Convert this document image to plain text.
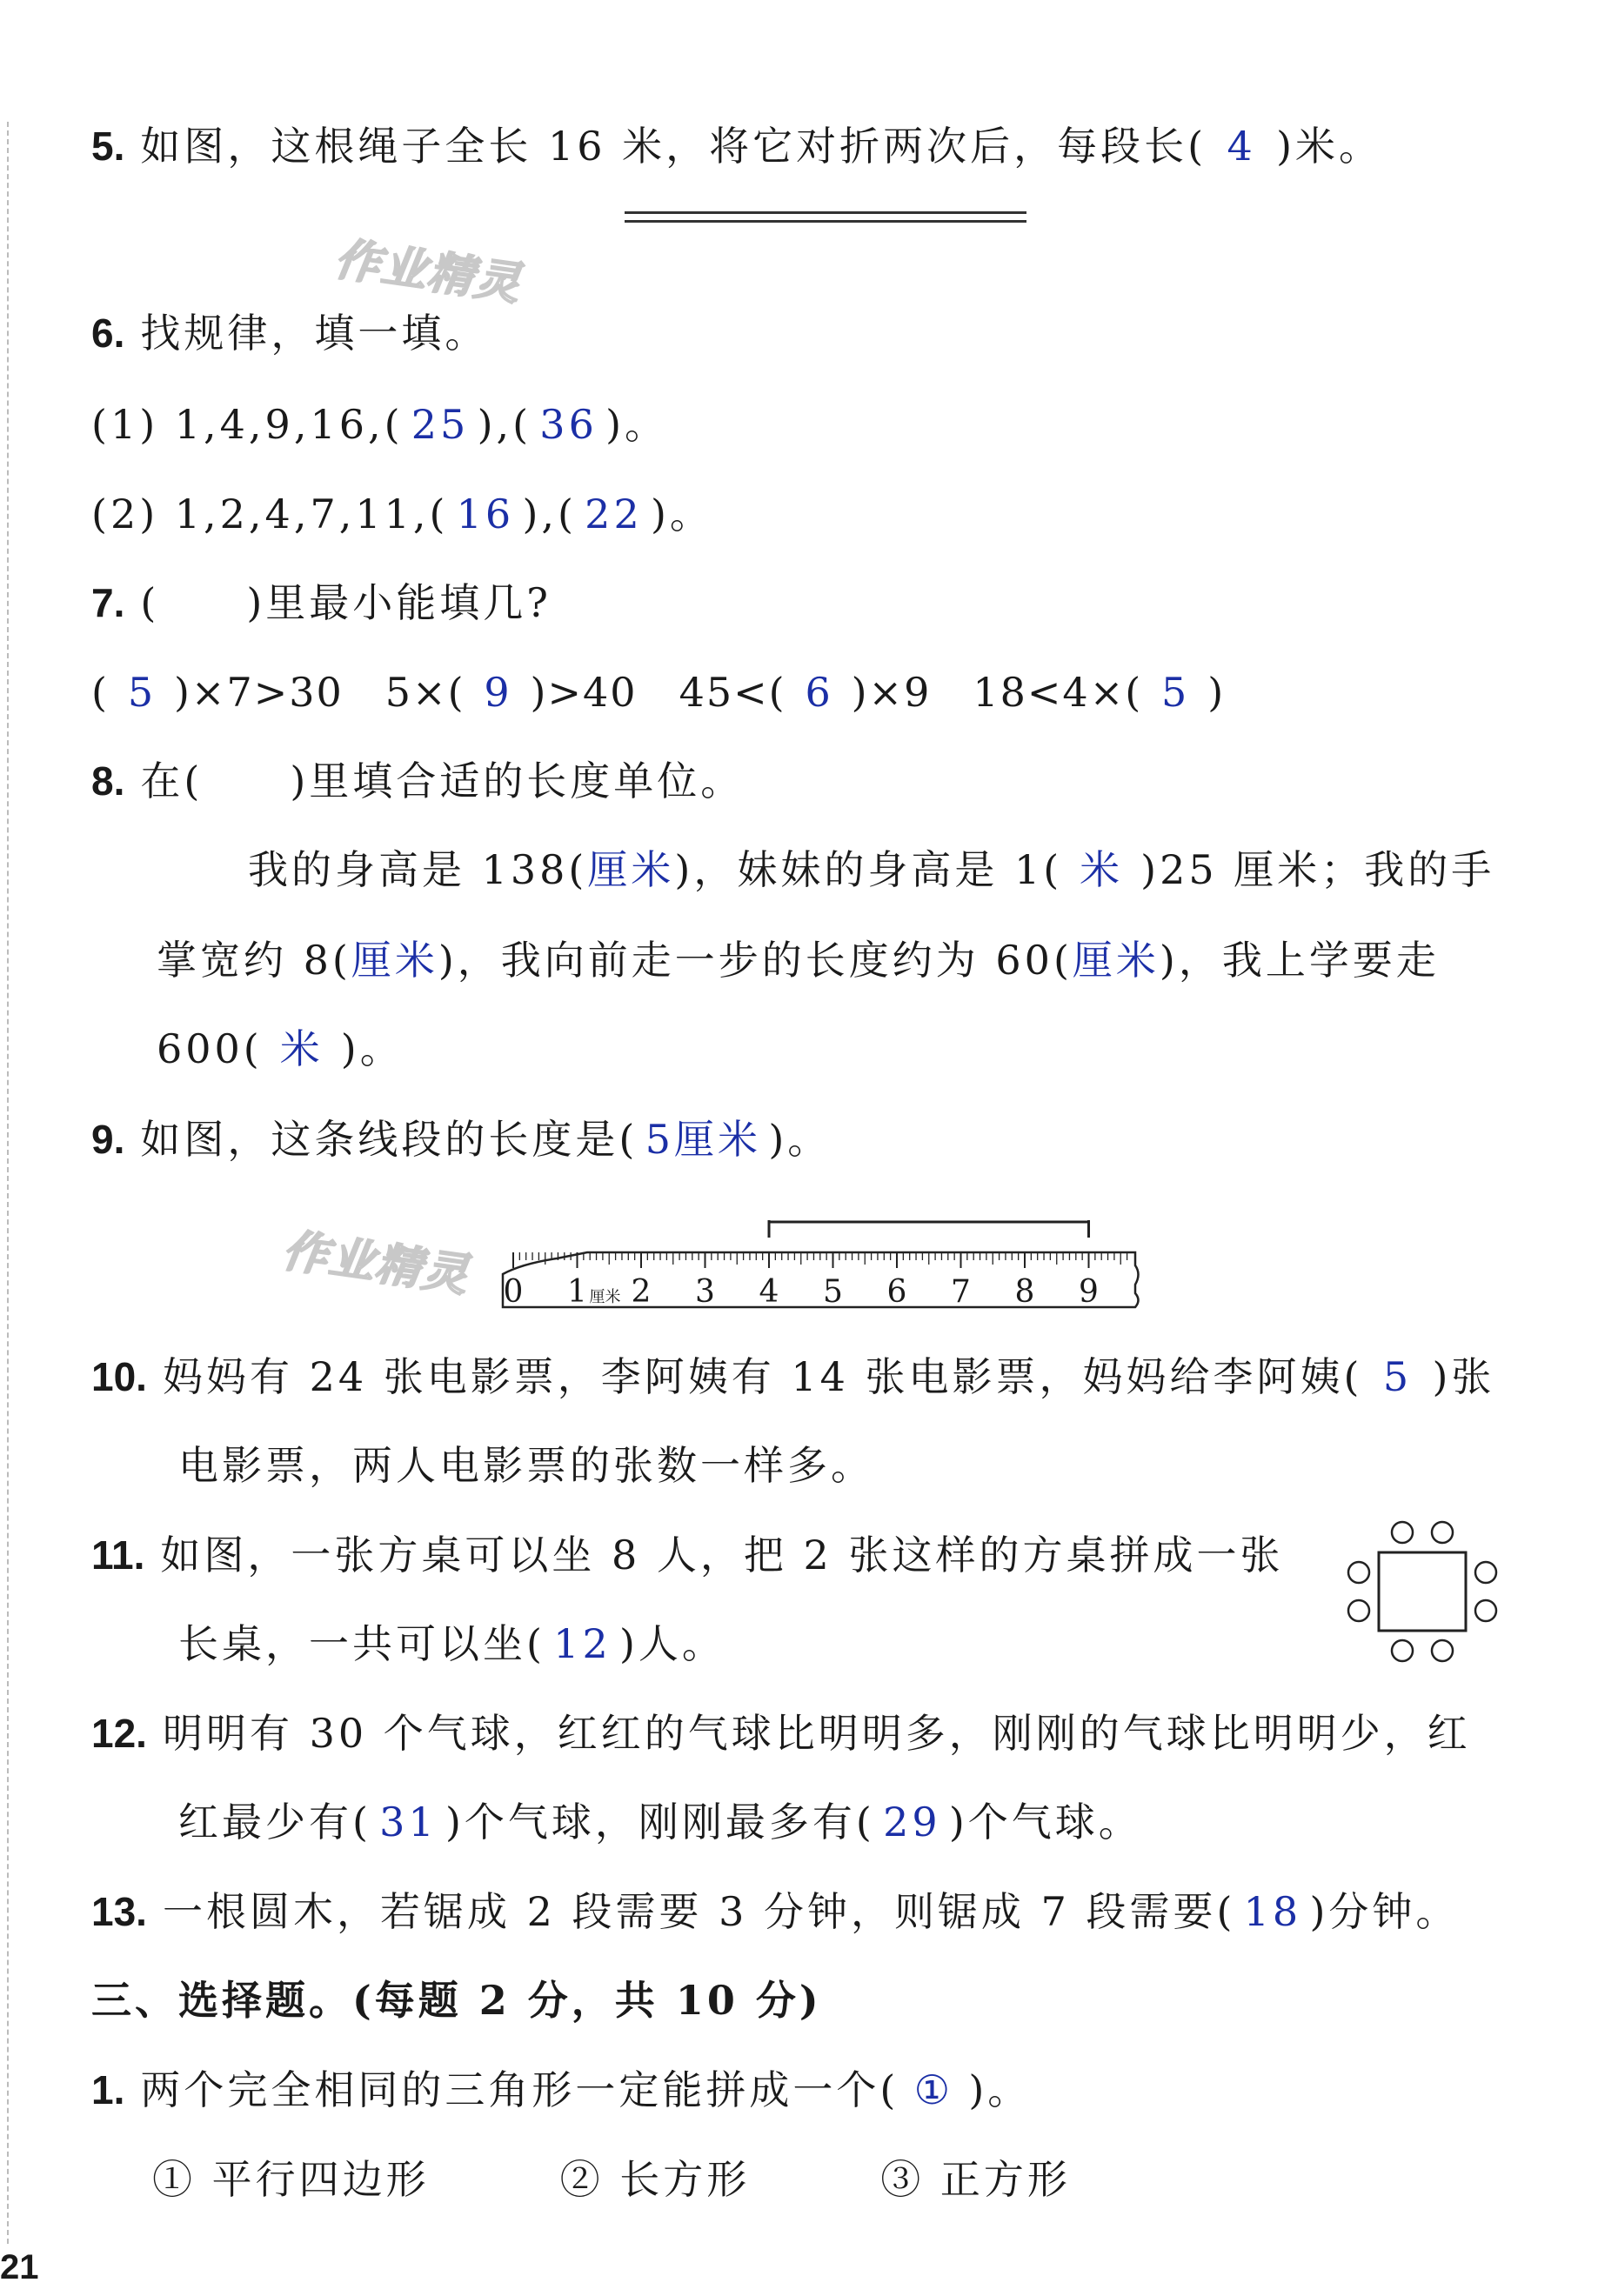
5. 如图，这根绳子全长 16 米，将它对折两次后，每段长( 4 )米。
作业精灵
6. 找规律，填一填。
(1) 1,4,9,16,( 25 ),( 36 )。
(2) 1,2,4,7,11,( 16 ),( 22 )。
7. (　　)里最小能填几?
( 5 )×7>30　5×( 9 )>40　45<( 6 )×9　18<4×( 5 )
8. 在(　　)里填合适的长度单位。
我的身高是 138(厘米)，妹妹的身高是 1( 米 )25 厘米；我的手
掌宽约 8(厘米)，我向前走一步的长度约为 60(厘米)，我上学要走
600( 米 )。
9. 如图，这条线段的长度是( 5厘米 )。
作业精灵 0 1 厘米 2 3 4 5 6 7 8 9
10. 妈妈有 24 张电影票，李阿姨有 14 张电影票，妈妈给李阿姨( 5 )张
电影票，两人电影票的张数一样多。
11. 如图，一张方桌可以坐 8 人，把 2 张这样的方桌拼成一张
长桌，一共可以坐( 12 )人。
12. 明明有 30 个气球，红红的气球比明明多，刚刚的气球比明明少，红
红最少有( 31 )个气球，刚刚最多有( 29 )个气球。
13. 一根圆木，若锯成 2 段需要 3 分钟，则锯成 7 段需要( 18 )分钟。
三、选择题。(每题 2 分，共 10 分)
1. 两个完全相同的三角形一定能拼成一个( ① )。
① 平行四边形	② 长方形	③ 正方形
21
